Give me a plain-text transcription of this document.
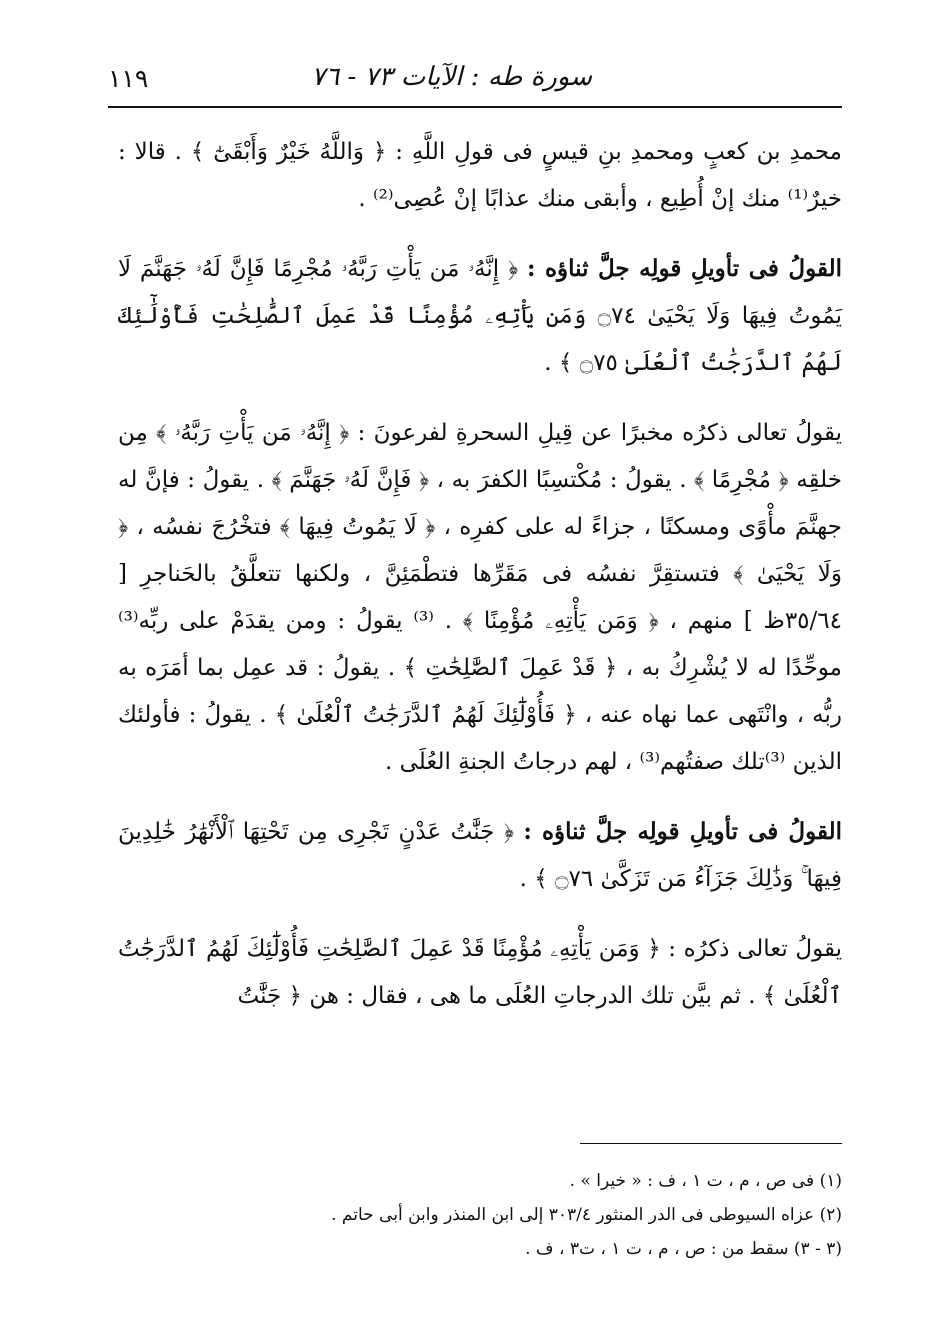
سورة طه : الآيات ٧٣ - ٧٦
١١٩

محمدِ بن كعبٍ ومحمدِ بنِ قيسٍ فى قولِ اللَّهِ : ﴿ وَاللَّهُ خَيْرٌ وَأَبْقَىٰٓ ﴾ . قالا : خيرٌ⁽¹⁾ منك إنْ أُطِيع ، وأبقى منك عذابًا إنْ عُصِى⁽²⁾ .

القولُ فى تأويلِ قولِه جلَّ ثناؤه : ﴿ إِنَّهُۥ مَن يَأْتِ رَبَّهُۥ مُجْرِمًا فَإِنَّ لَهُۥ جَهَنَّمَ لَا يَمُوتُ فِيهَا وَلَا يَحْيَىٰ ۝٧٤ وَمَن يَأْتِهِۦ مُؤْمِنًا قَدْ عَمِلَ ٱلصَّٰلِحَٰتِ فَأُوْلَٰٓئِكَ لَهُمُ ٱلدَّرَجَٰتُ ٱلْعُلَىٰ ۝٧٥ ﴾ .

يقولُ تعالى ذكرُه مخبرًا عن قِيلِ السحرةِ لفرعونَ : ﴿ إِنَّهُۥ مَن يَأْتِ رَبَّهُۥ ﴾ مِن خلقِه ﴿ مُجْرِمًا ﴾ . يقولُ : مُكْتسِبًا الكفرَ به ، ﴿ فَإِنَّ لَهُۥ جَهَنَّمَ ﴾ . يقولُ : فإنَّ له جهنَّمَ مأْوًى ومسكنًا ، جزاءً له على كفرِه ، ﴿ لَا يَمُوتُ فِيهَا ﴾ فتخْرُجَ نفسُه ، ﴿ وَلَا يَحْيَىٰ ﴾ فتستقِرَّ نفسُه فى مَقَرِّها فتطْمَئِنَّ ، ولكنها تتعلَّقُ بالحَناجرِ [ ٣٥/٦٤ظ ] منهم ، ﴿ وَمَن يَأْتِهِۦ مُؤْمِنًا ﴾ . ⁽³⁾ يقولُ : ومن يقدَمْ على ربِّه⁽³⁾ موحِّدًا له لا يُشْرِكُ به ، ﴿ قَدْ عَمِلَ ٱلصَّٰلِحَٰتِ ﴾ . يقولُ : قد عمِل بما أمَرَه به ربُّه ، وانْتَهى عما نهاه عنه ، ﴿ فَأُوْلَٰٓئِكَ لَهُمُ ٱلدَّرَجَٰتُ ٱلْعُلَىٰ ﴾ . يقولُ : فأولئك الذين ⁽³⁾تلك صفتُهم⁽³⁾ ، لهم درجاتُ الجنةِ العُلَى .

القولُ فى تأويلِ قولِه جلَّ ثناؤه : ﴿ جَنَّٰتُ عَدْنٍ تَجْرِى مِن تَحْتِهَا ٱلْأَنْهَٰرُ خَٰلِدِينَ فِيهَا ۚ وَذَٰلِكَ جَزَآءُ مَن تَزَكَّىٰ ۝٧٦ ﴾ .

يقولُ تعالى ذكرُه : ﴿ وَمَن يَأْتِهِۦ مُؤْمِنًا قَدْ عَمِلَ ٱلصَّٰلِحَٰتِ فَأُوْلَٰٓئِكَ لَهُمُ ٱلدَّرَجَٰتُ ٱلْعُلَىٰ ﴾ . ثم بيَّن تلك الدرجاتِ العُلَى ما هى ، فقال : هن ﴿ جَنَّٰتُ

(١) فى ص ، م ، ت ١ ، ف : « خيرا » .
(٢) عزاه السيوطى فى الدر المنثور ٣٠٣/٤ إلى ابن المنذر وابن أبى حاتم .
(٣ - ٣) سقط من : ص ، م ، ت ١ ، ت٣ ، ف .
